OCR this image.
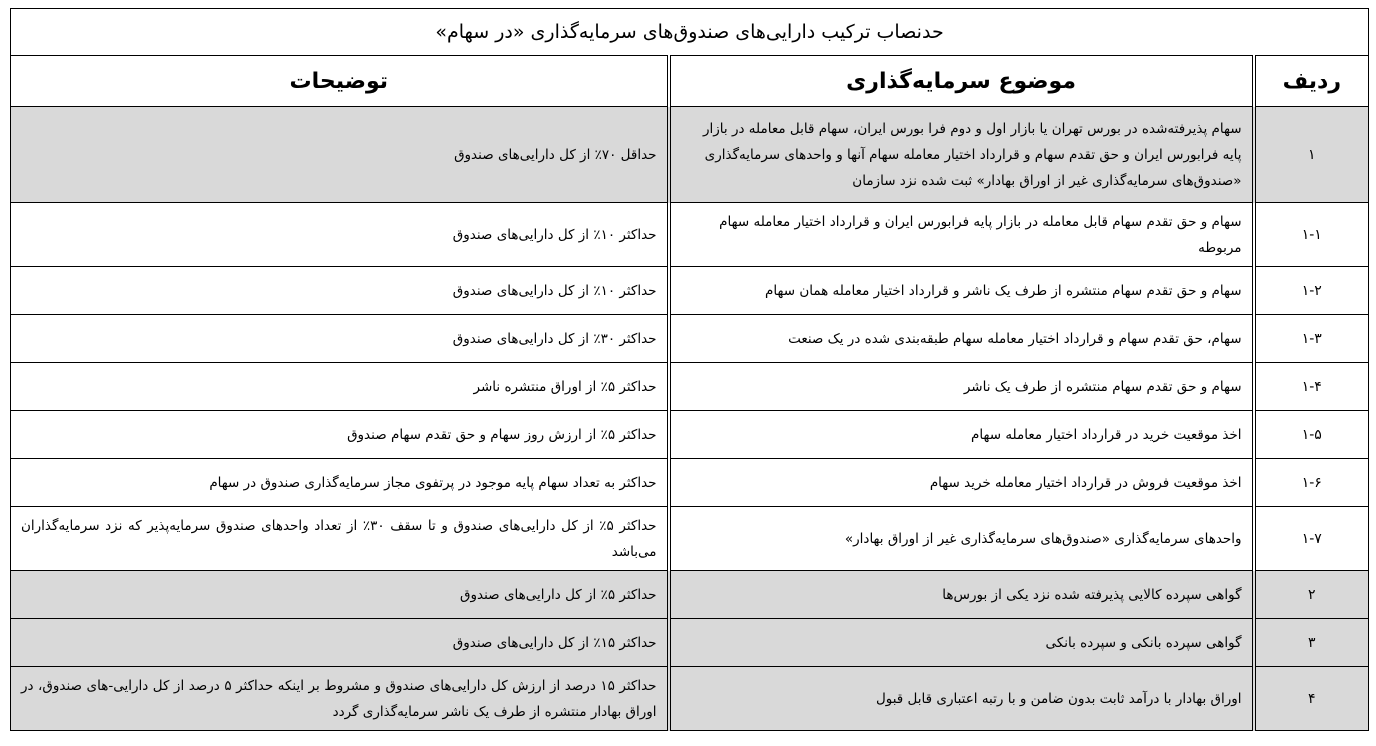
حدنصاب ترکیب دارایی‌های صندوق‌های سرمایه‌گذاری «در سهام»		
ردیف	موضوع سرمایه‌گذاری	توضیحات
۱	سهام پذیرفته‌شده در بورس تهران یا بازار اول و دوم فرا بورس ایران، سهام قابل معامله در بازار پایه فرابورس ایران و حق تقدم سهام و قرارداد اختیار معامله سهام آنها و واحدهای سرمایه‌گذاری «صندوق‌های سرمایه‌گذاری غیر از اوراق بهادار» ثبت شده نزد سازمان	حداقل ۷۰٪ از کل دارایی‌های صندوق
۱-۱	سهام و حق تقدم سهام قابل معامله در بازار پایه فرابورس ایران و قرارداد اختیار معامله سهام مربوطه	حداکثر ۱۰٪ از کل دارایی‌های صندوق
۱-۲	سهام و حق تقدم سهام منتشره از طرف یک ناشر و قرارداد اختیار معامله همان سهام	حداکثر ۱۰٪ از کل دارایی‌های صندوق
۱-۳	سهام، حق تقدم سهام و قرارداد اختیار معامله سهام طبقه‌بندی شده در یک صنعت	حداکثر ۳۰٪ از کل دارایی‌های صندوق
۱-۴	سهام و حق تقدم سهام منتشره از طرف یک ناشر	حداکثر ۵٪ از اوراق منتشره ناشر
۱-۵	اخذ موقعیت خرید در قرارداد اختیار معامله سهام	حداکثر ۵٪ از ارزش روز سهام و حق تقدم سهام صندوق
۱-۶	اخذ موقعیت فروش در قرارداد اختیار معامله خرید سهام	حداکثر به تعداد سهام پایه موجود در پرتفوی مجاز سرمایه‌گذاری صندوق در سهام
۱-۷	واحدهای سرمایه‌گذاری «صندوق‌های سرمایه‌گذاری غیر از اوراق بهادار»	حداکثر ۵٪ از کل دارایی‌های صندوق و تا سقف ۳۰٪ از تعداد واحدهای صندوق سرمایه‌پذیر که نزد سرمایه‌گذاران می‌باشد
۲	گواهی سپرده کالایی پذیرفته شده نزد یکی از بورس‌ها	حداکثر ۵٪ از کل دارایی‌های صندوق
۳	گواهی سپرده بانکی و سپرده بانکی	حداکثر ۱۵٪ از کل دارایی‌های صندوق
۴	اوراق بهادار با درآمد ثابت بدون ضامن و با رتبه اعتباری قابل قبول	حداکثر ۱۵ درصد از ارزش کل دارایی‌های صندوق و مشروط بر اینکه حداکثر ۵ درصد از کل دارایی-های صندوق، در اوراق بهادار منتشره از طرف یک ناشر سرمایه‌گذاری گردد
